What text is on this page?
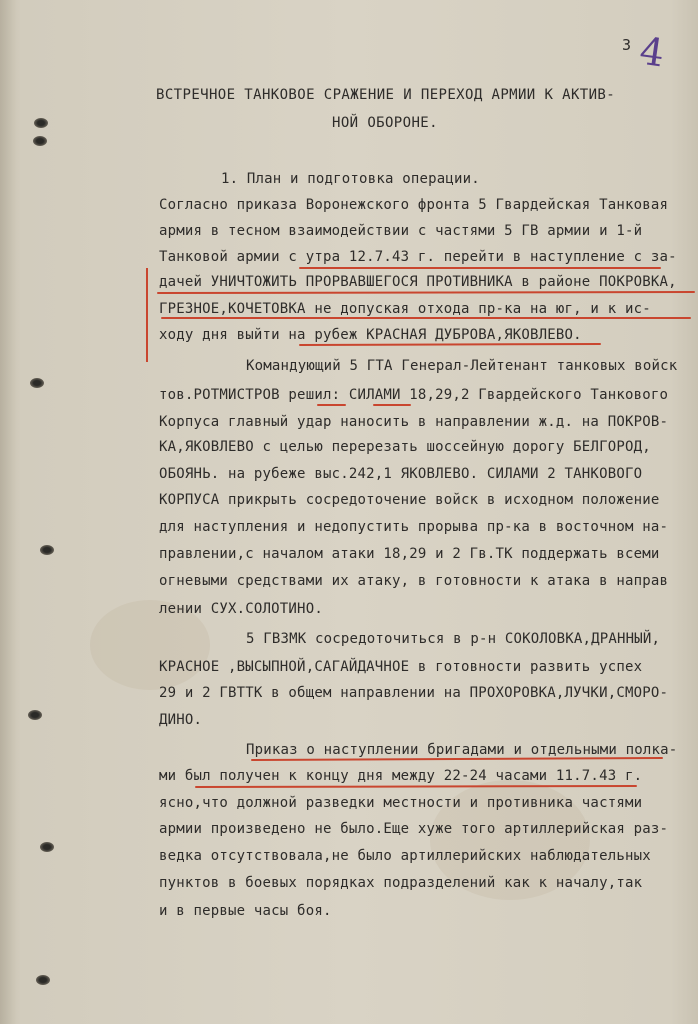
3 4
ВСТРЕЧНОЕ ТАНКОВОЕ СРАЖЕНИЕ И ПЕРЕХОД АРМИИ К АКТИВ-
НОЙ ОБОРОНЕ.
1. План и подготовка операции.
Согласно приказа Воронежского фронта 5 Гвардейская Танковая
армия в тесном взаимодействии с частями 5 ГВ армии и 1-й
Танковой армии с утра 12.7.43 г. перейти в наступление с за-
дачей УНИЧТОЖИТЬ ПРОРВАВШЕГОСЯ ПРОТИВНИКА в районе ПОКРОВКА,
ГРЕЗНОЕ,КОЧЕТОВКА не допуская отхода пр-ка на юг, и к ис-
ходу дня выйти на рубеж КРАСНАЯ ДУБРОВА,ЯКОВЛЕВО.
Командующий 5 ГТА Генерал-Лейтенант танковых войск
тов.РОТМИСТРОВ решил: СИЛАМИ 18,29,2 Гвардейского Танкового
Корпуса главный удар наносить в направлении ж.д. на ПОКРОВ-
КА,ЯКОВЛЕВО с целью перерезать шоссейную дорогу БЕЛГОРОД,
ОБОЯНЬ. на рубеже выс.242,1 ЯКОВЛЕВО. СИЛАМИ 2 ТАНКОВОГО
КОРПУСА прикрыть сосредоточение войск в исходном положение
для наступления и недопустить прорыва пр-ка в восточном на-
правлении,с началом атаки 18,29 и 2 Гв.ТК поддержать всеми
огневыми средствами их атаку, в готовности к атака в направ
лении СУХ.СОЛОТИНО.
5 ГВЗМК сосредоточиться в р-н СОКОЛОВКА,ДРАННЫЙ,
КРАСНОЕ ,ВЫСЫПНОЙ,САГАЙДАЧНОЕ в готовности развить успех
29 и 2 ГВТТК в общем направлении на ПРОХОРОВКА,ЛУЧКИ,СМОРО-
ДИНО.
Приказ о наступлении бригадами и отдельными полка-
ми был получен к концу дня между 22-24 часами 11.7.43 г.
ясно,что должной разведки местности и противника частями
армии произведено не было.Еще хуже того артиллерийская раз-
ведка отсутствовала,не было артиллерийских наблюдательных
пунктов в боевых порядках подразделений как к началу,так
и в первые часы боя.
